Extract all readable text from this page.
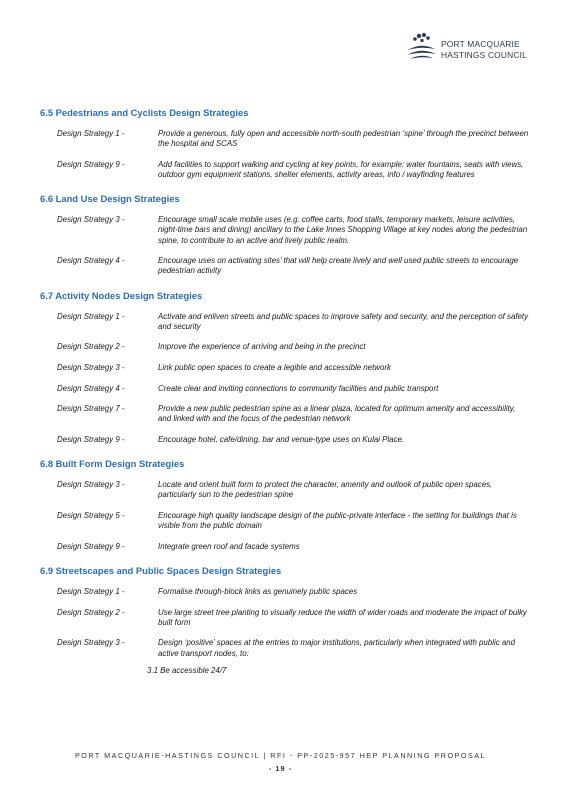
PORT MACQUARIE
HASTINGS COUNCIL
6.5 Pedestrians and Cyclists Design Strategies
Design Strategy 1 -	Provide a generous, fully open and accessible north-south pedestrian ‘spine’ through the precinct between the hospital and SCAS
Design Strategy 9 -	Add facilities to support walking and cycling at key points, for example: water fountains, seats with views, outdoor gym equipment stations, shelter elements, activity areas, info / wayfinding features
6.6 Land Use Design Strategies
Design Strategy 3 -	Encourage small scale mobile uses (e.g. coffee carts, food stalls, temporary markets, leisure activities, night-time bars and dining) ancillary to the Lake Innes Shopping Village at key nodes along the pedestrian spine, to contribute to an active and lively public realm.
Design Strategy 4 -	Encourage uses on activating sites’ that will help create lively and well used public streets to encourage pedestrian activity
6.7 Activity Nodes Design Strategies
Design Strategy 1 -	Activate and enliven streets and public spaces to improve safety and security, and the perception of safety and security
Design Strategy 2 -	Improve the experience of arriving and being in the precinct
Design Strategy 3 -	Link public open spaces to create a legible and accessible network
Design Strategy 4 -	Create clear and inviting connections to community facilities and public transport
Design Strategy 7 -	Provide a new public pedestrian spine as a linear plaza, located for optimum amenity and accessibility, and linked with and the focus of the pedestrian network
Design Strategy 9 -	Encourage hotel, cafe/dining, bar and venue-type uses on Kulai Place.
6.8 Built Form Design Strategies
Design Strategy 3 -	Locate and orient built form to protect the character, amenity and outlook of public open spaces, particularly sun to the pedestrian spine
Design Strategy 5 -	Encourage high quality landscape design of the public-private interface - the setting for buildings that is visible from the public domain
Design Strategy 9 -	Integrate green roof and facade systems
6.9 Streetscapes and Public Spaces Design Strategies
Design Strategy 1 -	Formalise through-block links as genuinely public spaces
Design Strategy 2 -	Use large street tree planting to visually reduce the width of wider roads and moderate the impact of bulky built form
Design Strategy 3 -	Design ‘positive’ spaces at the entries to major institutions, particularly when integrated with public and active transport nodes, to:
3.1 Be accessible 24/7
PORT MACQUARIE-HASTINGS COUNCIL | RFI - PP-2025-957 HEP PLANNING PROPOSAL
- 19 -
